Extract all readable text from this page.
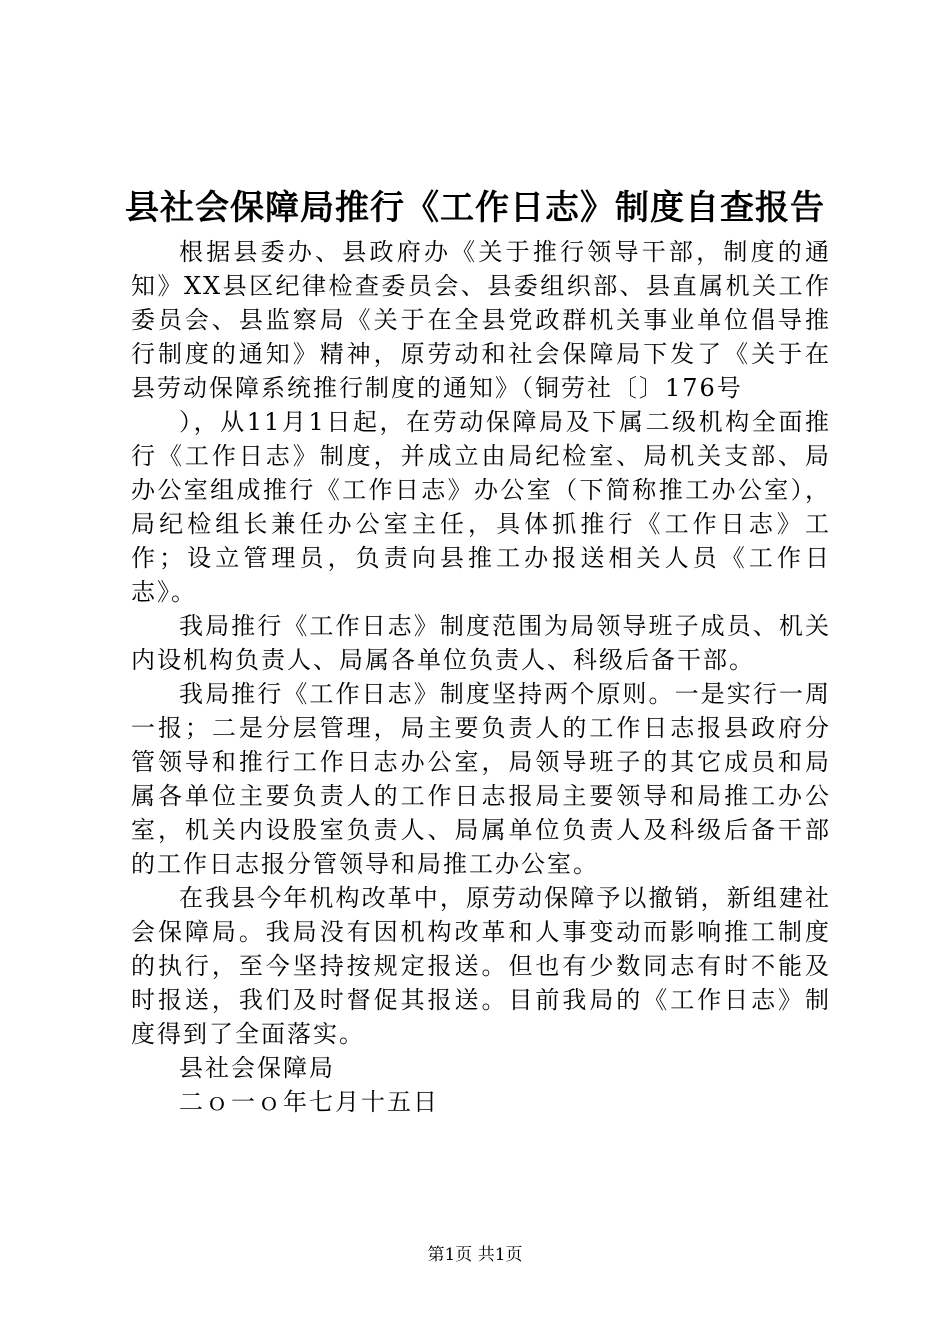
县社会保障局推行《工作日志》制度自查报告

根据县委办、县政府办《关于推行领导干部，制度的通知》XX县区纪律检查委员会、县委组织部、县直属机关工作委员会、县监察局《关于在全县党政群机关事业单位倡导推行制度的通知》精神，原劳动和社会保障局下发了《关于在县劳动保障系统推行制度的通知》（铜劳社〔〕176号

），从11月1日起，在劳动保障局及下属二级机构全面推行《工作日志》制度，并成立由局纪检室、局机关支部、局办公室组成推行《工作日志》办公室（下简称推工办公室），局纪检组长兼任办公室主任，具体抓推行《工作日志》工作；设立管理员，负责向县推工办报送相关人员《工作日志》。

我局推行《工作日志》制度范围为局领导班子成员、机关内设机构负责人、局属各单位负责人、科级后备干部。

我局推行《工作日志》制度坚持两个原则。一是实行一周一报；二是分层管理，局主要负责人的工作日志报县政府分管领导和推行工作日志办公室，局领导班子的其它成员和局属各单位主要负责人的工作日志报局主要领导和局推工办公室，机关内设股室负责人、局属单位负责人及科级后备干部的工作日志报分管领导和局推工办公室。

在我县今年机构改革中，原劳动保障予以撤销，新组建社会保障局。我局没有因机构改革和人事变动而影响推工制度的执行，至今坚持按规定报送。但也有少数同志有时不能及时报送，我们及时督促其报送。目前我局的《工作日志》制度得到了全面落实。

县社会保障局

二ｏ一ｏ年七月十五日

第1页 共1页
